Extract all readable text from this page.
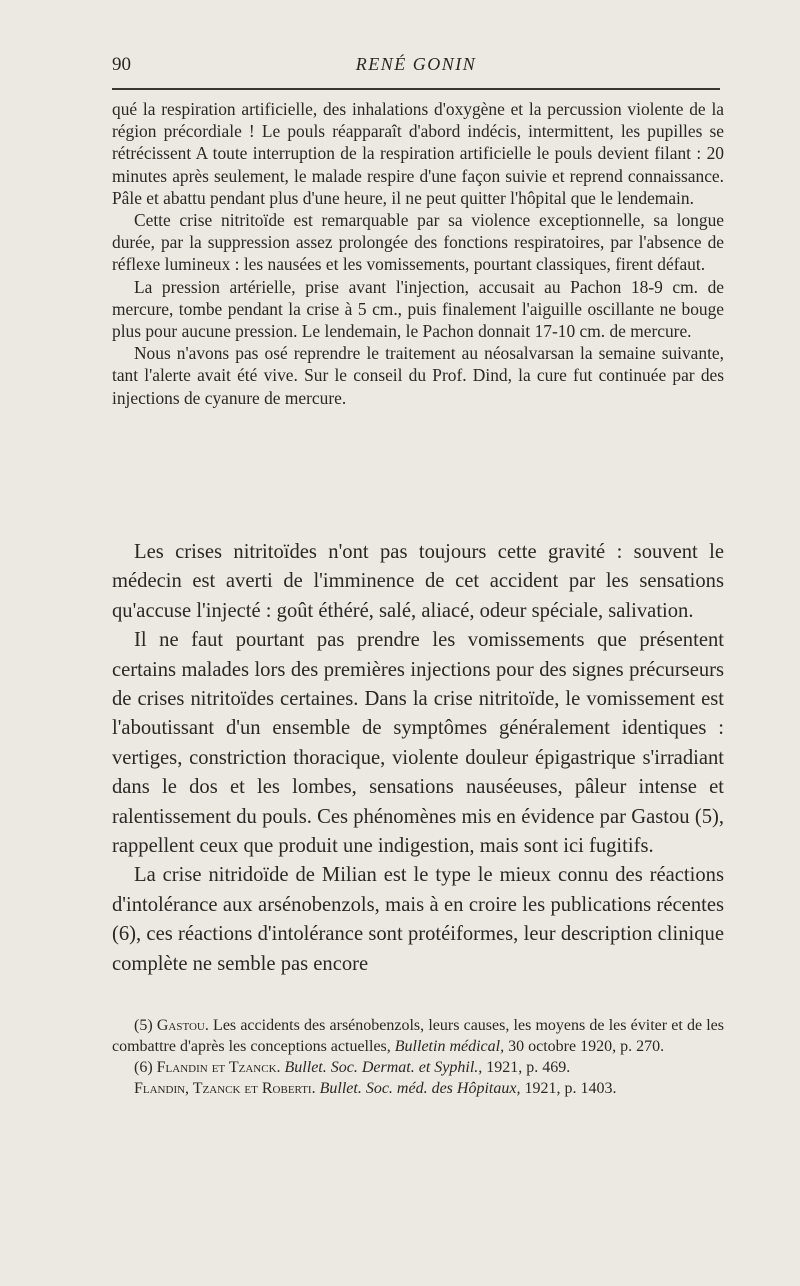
90	RENÉ GONIN

qué la respiration artificielle, des inhalations d'oxygène et la percussion violente de la région précordiale ! Le pouls réapparaît d'abord indécis, intermittent, les pupilles se rétrécissent A toute interruption de la respiration artificielle le pouls devient filant : 20 minutes après seulement, le malade respire d'une façon suivie et reprend connaissance. Pâle et abattu pendant plus d'une heure, il ne peut quitter l'hôpital que le lendemain.

Cette crise nitritoïde est remarquable par sa violence exceptionnelle, sa longue durée, par la suppression assez prolongée des fonctions respiratoires, par l'absence de réflexe lumineux : les nausées et les vomissements, pourtant classiques, firent défaut.

La pression artérielle, prise avant l'injection, accusait au Pachon 18-9 cm. de mercure, tombe pendant la crise à 5 cm., puis finalement l'aiguille oscillante ne bouge plus pour aucune pression. Le lendemain, le Pachon donnait 17-10 cm. de mercure.

Nous n'avons pas osé reprendre le traitement au néosalvarsan la semaine suivante, tant l'alerte avait été vive. Sur le conseil du Prof. Dind, la cure fut continuée par des injections de cyanure de mercure.

Les crises nitritoïdes n'ont pas toujours cette gravité : souvent le médecin est averti de l'imminence de cet accident par les sensations qu'accuse l'injecté : goût éthéré, salé, aliacé, odeur spéciale, salivation.

Il ne faut pourtant pas prendre les vomissements que présentent certains malades lors des premières injections pour des signes précurseurs de crises nitritoïdes certaines. Dans la crise nitritoïde, le vomissement est l'aboutissant d'un ensemble de symptômes généralement identiques : vertiges, constriction thoracique, violente douleur épigastrique s'irradiant dans le dos et les lombes, sensations nauséeuses, pâleur intense et ralentissement du pouls. Ces phénomènes mis en évidence par Gastou (5), rappellent ceux que produit une indigestion, mais sont ici fugitifs.

La crise nitridoïde de Milian est le type le mieux connu des réactions d'intolérance aux arsénobenzols, mais à en croire les publications récentes (6), ces réactions d'intolérance sont protéiformes, leur description clinique complète ne semble pas encore

(5) Gastou. Les accidents des arsénobenzols, leurs causes, les moyens de les éviter et de les combattre d'après les conceptions actuelles, Bulletin médical, 30 octobre 1920, p. 270.

(6) Flandin et Tzanck. Bullet. Soc. Dermat. et Syphil., 1921, p. 469.

Flandin, Tzanck et Roberti. Bullet. Soc. méd. des Hôpitaux, 1921, p. 1403.
